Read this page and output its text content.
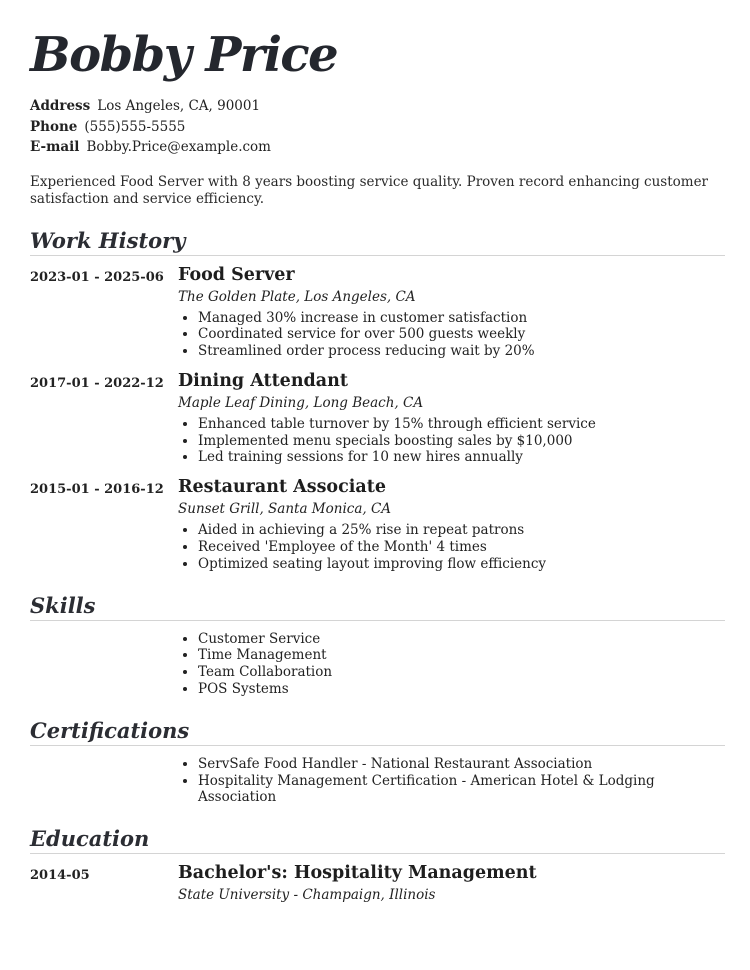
Bobby Price
Address Los Angeles, CA, 90001
Phone (555)555-5555
E-mail Bobby.Price@example.com
Experienced Food Server with 8 years boosting service quality. Proven record enhancing customer satisfaction and service efficiency.
Work History
2023-01 - 2025-06 Food Server
The Golden Plate, Los Angeles, CA
• Managed 30% increase in customer satisfaction
• Coordinated service for over 500 guests weekly
• Streamlined order process reducing wait by 20%
2017-01 - 2022-12 Dining Attendant
Maple Leaf Dining, Long Beach, CA
• Enhanced table turnover by 15% through efficient service
• Implemented menu specials boosting sales by $10,000
• Led training sessions for 10 new hires annually
2015-01 - 2016-12 Restaurant Associate
Sunset Grill, Santa Monica, CA
• Aided in achieving a 25% rise in repeat patrons
• Received 'Employee of the Month' 4 times
• Optimized seating layout improving flow efficiency
Skills
• Customer Service
• Time Management
• Team Collaboration
• POS Systems
Certifications
• ServSafe Food Handler - National Restaurant Association
• Hospitality Management Certification - American Hotel & Lodging Association
Education
2014-05	Bachelor's: Hospitality Management
State University - Champaign, Illinois
